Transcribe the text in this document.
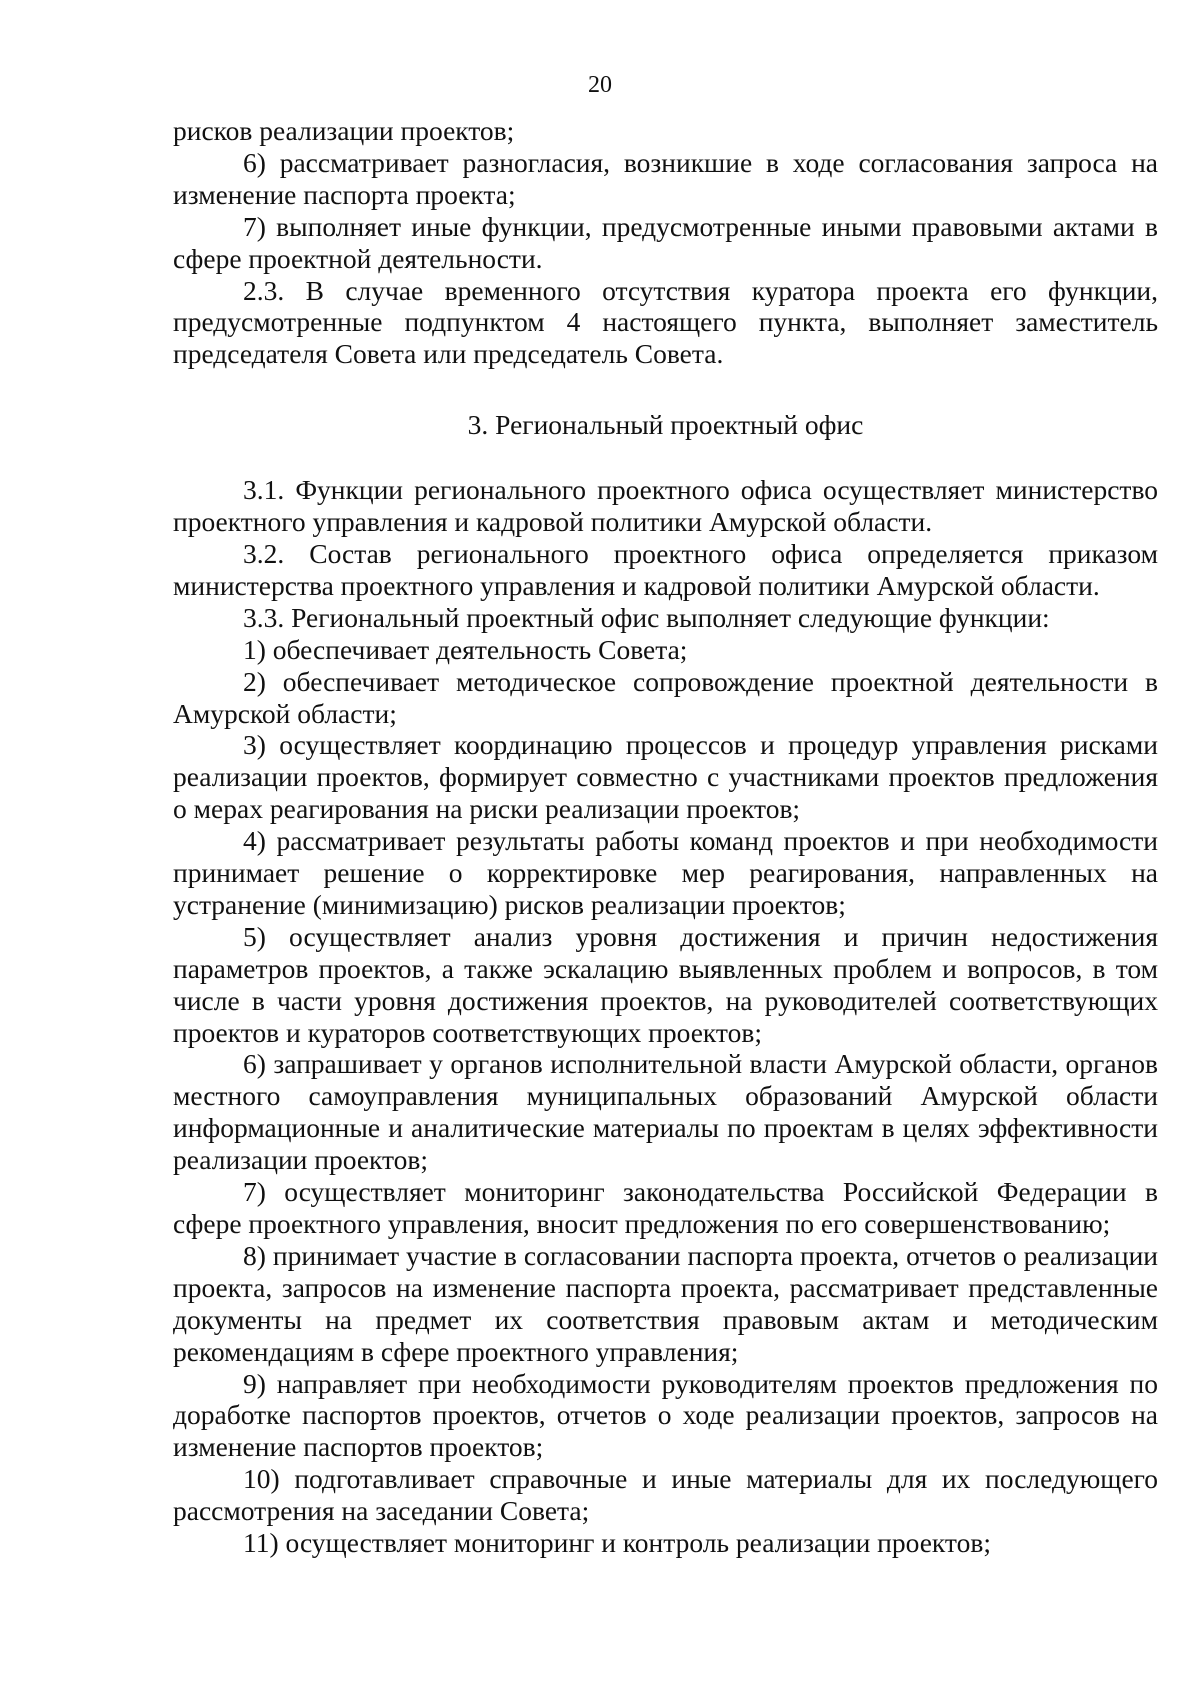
20

рисков реализации проектов;

6) рассматривает разногласия, возникшие в ходе согласования запроса на изменение паспорта проекта;

7) выполняет иные функции, предусмотренные иными правовыми актами в сфере проектной деятельности.

2.3. В случае временного отсутствия куратора проекта его функции, предусмотренные подпунктом 4 настоящего пункта, выполняет заместитель председателя Совета или председатель Совета.

3. Региональный проектный офис

3.1. Функции регионального проектного офиса осуществляет министерство проектного управления и кадровой политики Амурской области.

3.2. Состав регионального проектного офиса определяется приказом министерства проектного управления и кадровой политики Амурской области.

3.3. Региональный проектный офис выполняет следующие функции:

1) обеспечивает деятельность Совета;

2) обеспечивает методическое сопровождение проектной деятельности в Амурской области;

3) осуществляет координацию процессов и процедур управления рисками реализации проектов, формирует совместно с участниками проектов предложения о мерах реагирования на риски реализации проектов;

4) рассматривает результаты работы команд проектов и при необходимости принимает решение о корректировке мер реагирования, направленных на устранение (минимизацию) рисков реализации проектов;

5) осуществляет анализ уровня достижения и причин недостижения параметров проектов, а также эскалацию выявленных проблем и вопросов, в том числе в части уровня достижения проектов, на руководителей соответствующих проектов и кураторов соответствующих проектов;

6) запрашивает у органов исполнительной власти Амурской области, органов местного самоуправления муниципальных образований Амурской области информационные и аналитические материалы по проектам в целях эффективности реализации проектов;

7) осуществляет мониторинг законодательства Российской Федерации в сфере проектного управления, вносит предложения по его совершенствованию;

8) принимает участие в согласовании паспорта проекта, отчетов о реализации проекта, запросов на изменение паспорта проекта, рассматривает представленные документы на предмет их соответствия правовым актам и методическим рекомендациям в сфере проектного управления;

9) направляет при необходимости руководителям проектов предложения по доработке паспортов проектов, отчетов о ходе реализации проектов, запросов на изменение паспортов проектов;

10) подготавливает справочные и иные материалы для их последующего рассмотрения на заседании Совета;

11) осуществляет мониторинг и контроль реализации проектов;
